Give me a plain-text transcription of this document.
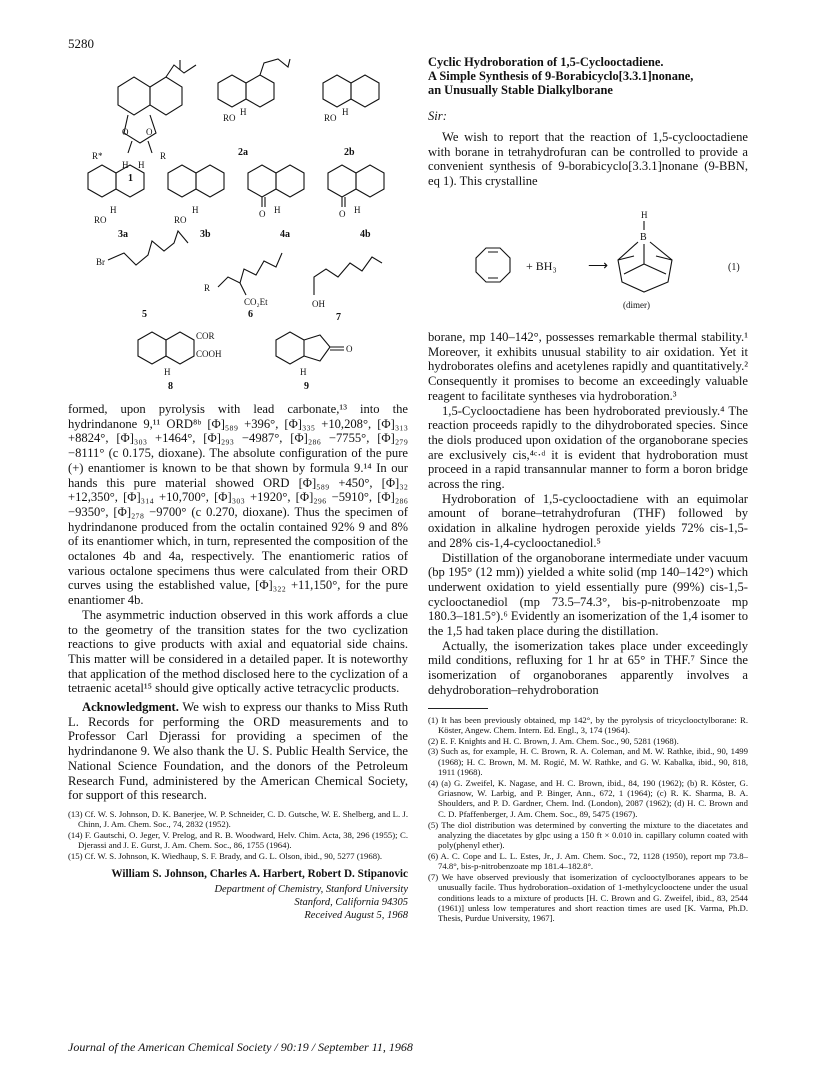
5280
O O
R*	R
H H
RO
H
RO
H
1
2a	2b
RO
H
RO
H	O H	O H
3a	3b	4a	4b
Br
R
CO₂Et	OH
5	6	7
COR
COOH
H
O
H
8	9

formed, upon pyrolysis with lead carbonate,¹³ into the hydrindanone 9,¹¹ ORD⁸ᵇ [Φ]₅₈₉ +396°, [Φ]₃₃₅ +10,208°, [Φ]₃₁₃ +8824°, [Φ]₃₀₃ +1464°, [Φ]₂₉₃ −4987°, [Φ]₂₈₆ −7755°, [Φ]₂₇₉ −8111° (c 0.175, dioxane). The absolute configuration of the pure (+) enantiomer is known to be that shown by formula 9.¹⁴ In our hands this pure material showed ORD [Φ]₅₈₉ +450°, [Φ]₃₂ +12,350°, [Φ]₃₁₄ +10,700°, [Φ]₃₀₃ +1920°, [Φ]₂₉₆ −5910°, [Φ]₂₈₆ −9350°, [Φ]₂₇₈ −9700° (c 0.270, dioxane). Thus the specimen of hydrindanone produced from the octalin contained 92% 9 and 8% of its enantiomer which, in turn, represented the composition of the octalones 4b and 4a, respectively. The enantiomeric ratios of various octalone specimens thus were calculated from their ORD curves using the established value, [Φ]₃₂₂ +11,150°, for the pure enantiomer 4b.

The asymmetric induction observed in this work affords a clue to the geometry of the transition states for the two cyclization reactions to give products with axial and equatorial side chains. This matter will be considered in a detailed paper. It is noteworthy that application of the method disclosed here to the cyclization of a tetraenic acetal¹⁵ should give optically active tetracyclic products.

Acknowledgment. We wish to express our thanks to Miss Ruth L. Records for performing the ORD measurements and to Professor Carl Djerassi for providing a specimen of the hydrindanone 9. We also thank the U. S. Public Health Service, the National Science Foundation, and the donors of the Petroleum Research Fund, administered by the American Chemical Society, for support of this research.

(13) Cf. W. S. Johnson, D. K. Banerjee, W. P. Schneider, C. D. Gutsche, W. E. Shelberg, and L. J. Chinn, J. Am. Chem. Soc., 74, 2832 (1952).

(14) F. Gautschi, O. Jeger, V. Prelog, and R. B. Woodward, Helv. Chim. Acta, 38, 296 (1955); C. Djerassi and J. E. Gurst, J. Am. Chem. Soc., 86, 1755 (1964).

(15) Cf. W. S. Johnson, K. Wiedhaup, S. F. Brady, and G. L. Olson, ibid., 90, 5277 (1968).

William S. Johnson, Charles A. Harbert, Robert D. Stipanovic

Department of Chemistry, Stanford University

Stanford, California 94305

Received August 5, 1968

Cyclic Hydroboration of 1,5-Cyclooctadiene.

A Simple Synthesis of 9-Borabicyclo[3.3.1]nonane,

an Unusually Stable Dialkylborane

Sir:

We wish to report that the reaction of 1,5-cyclooctadiene with borane in tetrahydrofuran can be controlled to provide a convenient synthesis of 9-borabicyclo[3.3.1]nonane (9-BBN, eq 1). This crystalline

+ BH₃ ⟶
H
B
(dimer)
(1)

borane, mp 140–142°, possesses remarkable thermal stability.¹ Moreover, it exhibits unusual stability to air oxidation. Yet it hydroborates olefins and acetylenes rapidly and quantitatively.² Consequently it promises to become an exceedingly valuable reagent to facilitate syntheses via hydroboration.³

1,5-Cyclooctadiene has been hydroborated previously.⁴ The reaction proceeds rapidly to the dihydroborated species. Since the diols produced upon oxidation of the organoborane species are exclusively cis,⁴ᶜ·ᵈ it is evident that hydroboration must proceed in a rapid transannular manner to form a boron bridge across the ring.

Hydroboration of 1,5-cyclooctadiene with an equimolar amount of borane–tetrahydrofuran (THF) followed by oxidation in alkaline hydrogen peroxide yields 72% cis-1,5- and 28% cis-1,4-cyclooctanediol.⁵

Distillation of the organoborane intermediate under vacuum (bp 195° (12 mm)) yielded a white solid (mp 140–142°) which underwent oxidation to yield essentially pure (99%) cis-1,5-cyclooctanediol (mp 73.5–74.3°, bis-p-nitrobenzoate mp 180.3–181.5°).⁶ Evidently an isomerization of the 1,4 isomer to the 1,5 had taken place during the distillation.

Actually, the isomerization takes place under exceedingly mild conditions, refluxing for 1 hr at 65° in THF.⁷ Since the isomerization of organoboranes apparently involves a dehydroboration–rehydroboration

(1) It has been previously obtained, mp 142°, by the pyrolysis of tricyclooctylborane: R. Köster, Angew. Chem. Intern. Ed. Engl., 3, 174 (1964).

(2) E. F. Knights and H. C. Brown, J. Am. Chem. Soc., 90, 5281 (1968).

(3) Such as, for example, H. C. Brown, R. A. Coleman, and M. W. Rathke, ibid., 90, 1499 (1968); H. C. Brown, M. M. Rogić, M. W. Rathke, and G. W. Kabalka, ibid., 90, 818, 1911 (1968).

(4) (a) G. Zweifel, K. Nagase, and H. C. Brown, ibid., 84, 190 (1962); (b) R. Köster, G. Griasnow, W. Larbig, and P. Binger, Ann., 672, 1 (1964); (c) R. K. Sharma, B. A. Shoulders, and P. D. Gardner, Chem. Ind. (London), 2087 (1962); (d) H. C. Brown and C. D. Pfaffenberger, J. Am. Chem. Soc., 89, 5475 (1967).

(5) The diol distribution was determined by converting the mixture to the diacetates and analyzing the diacetates by glpc using a 150 ft × 0.010 in. capillary column coated with poly(phenyl ether).

(6) A. C. Cope and L. L. Estes, Jr., J. Am. Chem. Soc., 72, 1128 (1950), report mp 73.8–74.8°, bis-p-nitrobenzoate mp 181.4–182.8°.

(7) We have observed previously that isomerization of cyclooctylboranes appears to be unusually facile. Thus hydroboration–oxidation of 1-methylcyclooctene under the usual conditions leads to a mixture of products [H. C. Brown and G. Zweifel, ibid., 83, 2544 (1961)] unless low temperatures and short reaction times are used [K. Varma, Ph.D. Thesis, Purdue University, 1967].

Journal of the American Chemical Society / 90:19 / September 11, 1968
